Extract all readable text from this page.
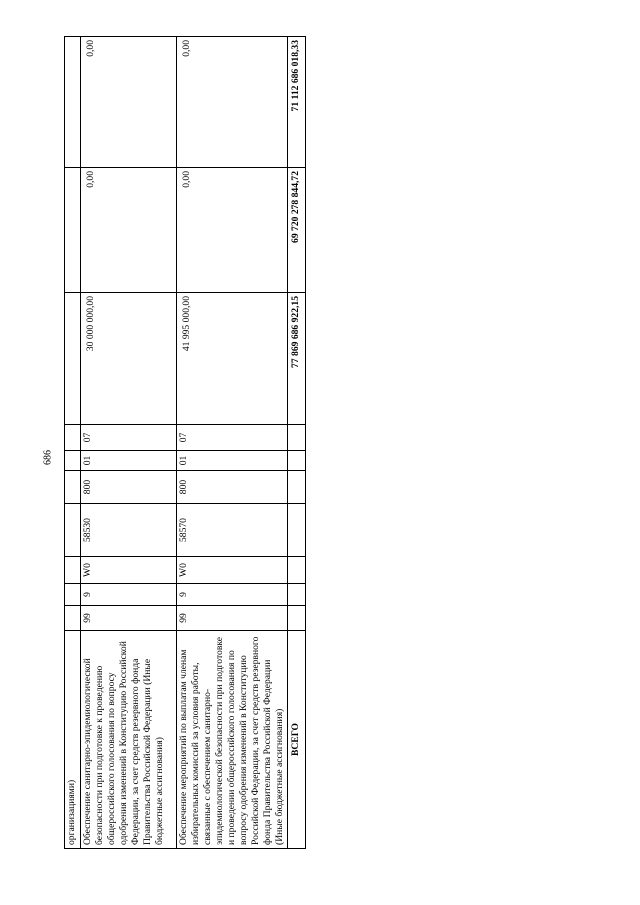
686
организациями)										
Обеспечение санитарно-эпидемиологической безопасности при подготовке к проведению общероссийского голосования по вопросу одобрения изменений в Конституцию Российской Федерации, за счет средств резервного фонда Правительства Российской Федерации (Иные бюджетные ассигнования)	99	9	W0	58530	800	01	07	30 000 000,00	0,00	0,00
Обеспечение мероприятий по выплатам членам избирательных комиссий за условия работы, связанные с обеспечением санитарно-эпидемиологической безопасности при подготовке и проведении общероссийского голосования по вопросу одобрения изменений в Конституцию Российской Федерации, за счет средств резервного фонда Правительства Российской Федерации (Иные бюджетные ассигнования)	99	9	W0	58570	800	01	07	41 995 000,00	0,00	0,00
ВСЕГО								77 869 686 922,15	69 720 278 844,72	71 112 686 018,33
